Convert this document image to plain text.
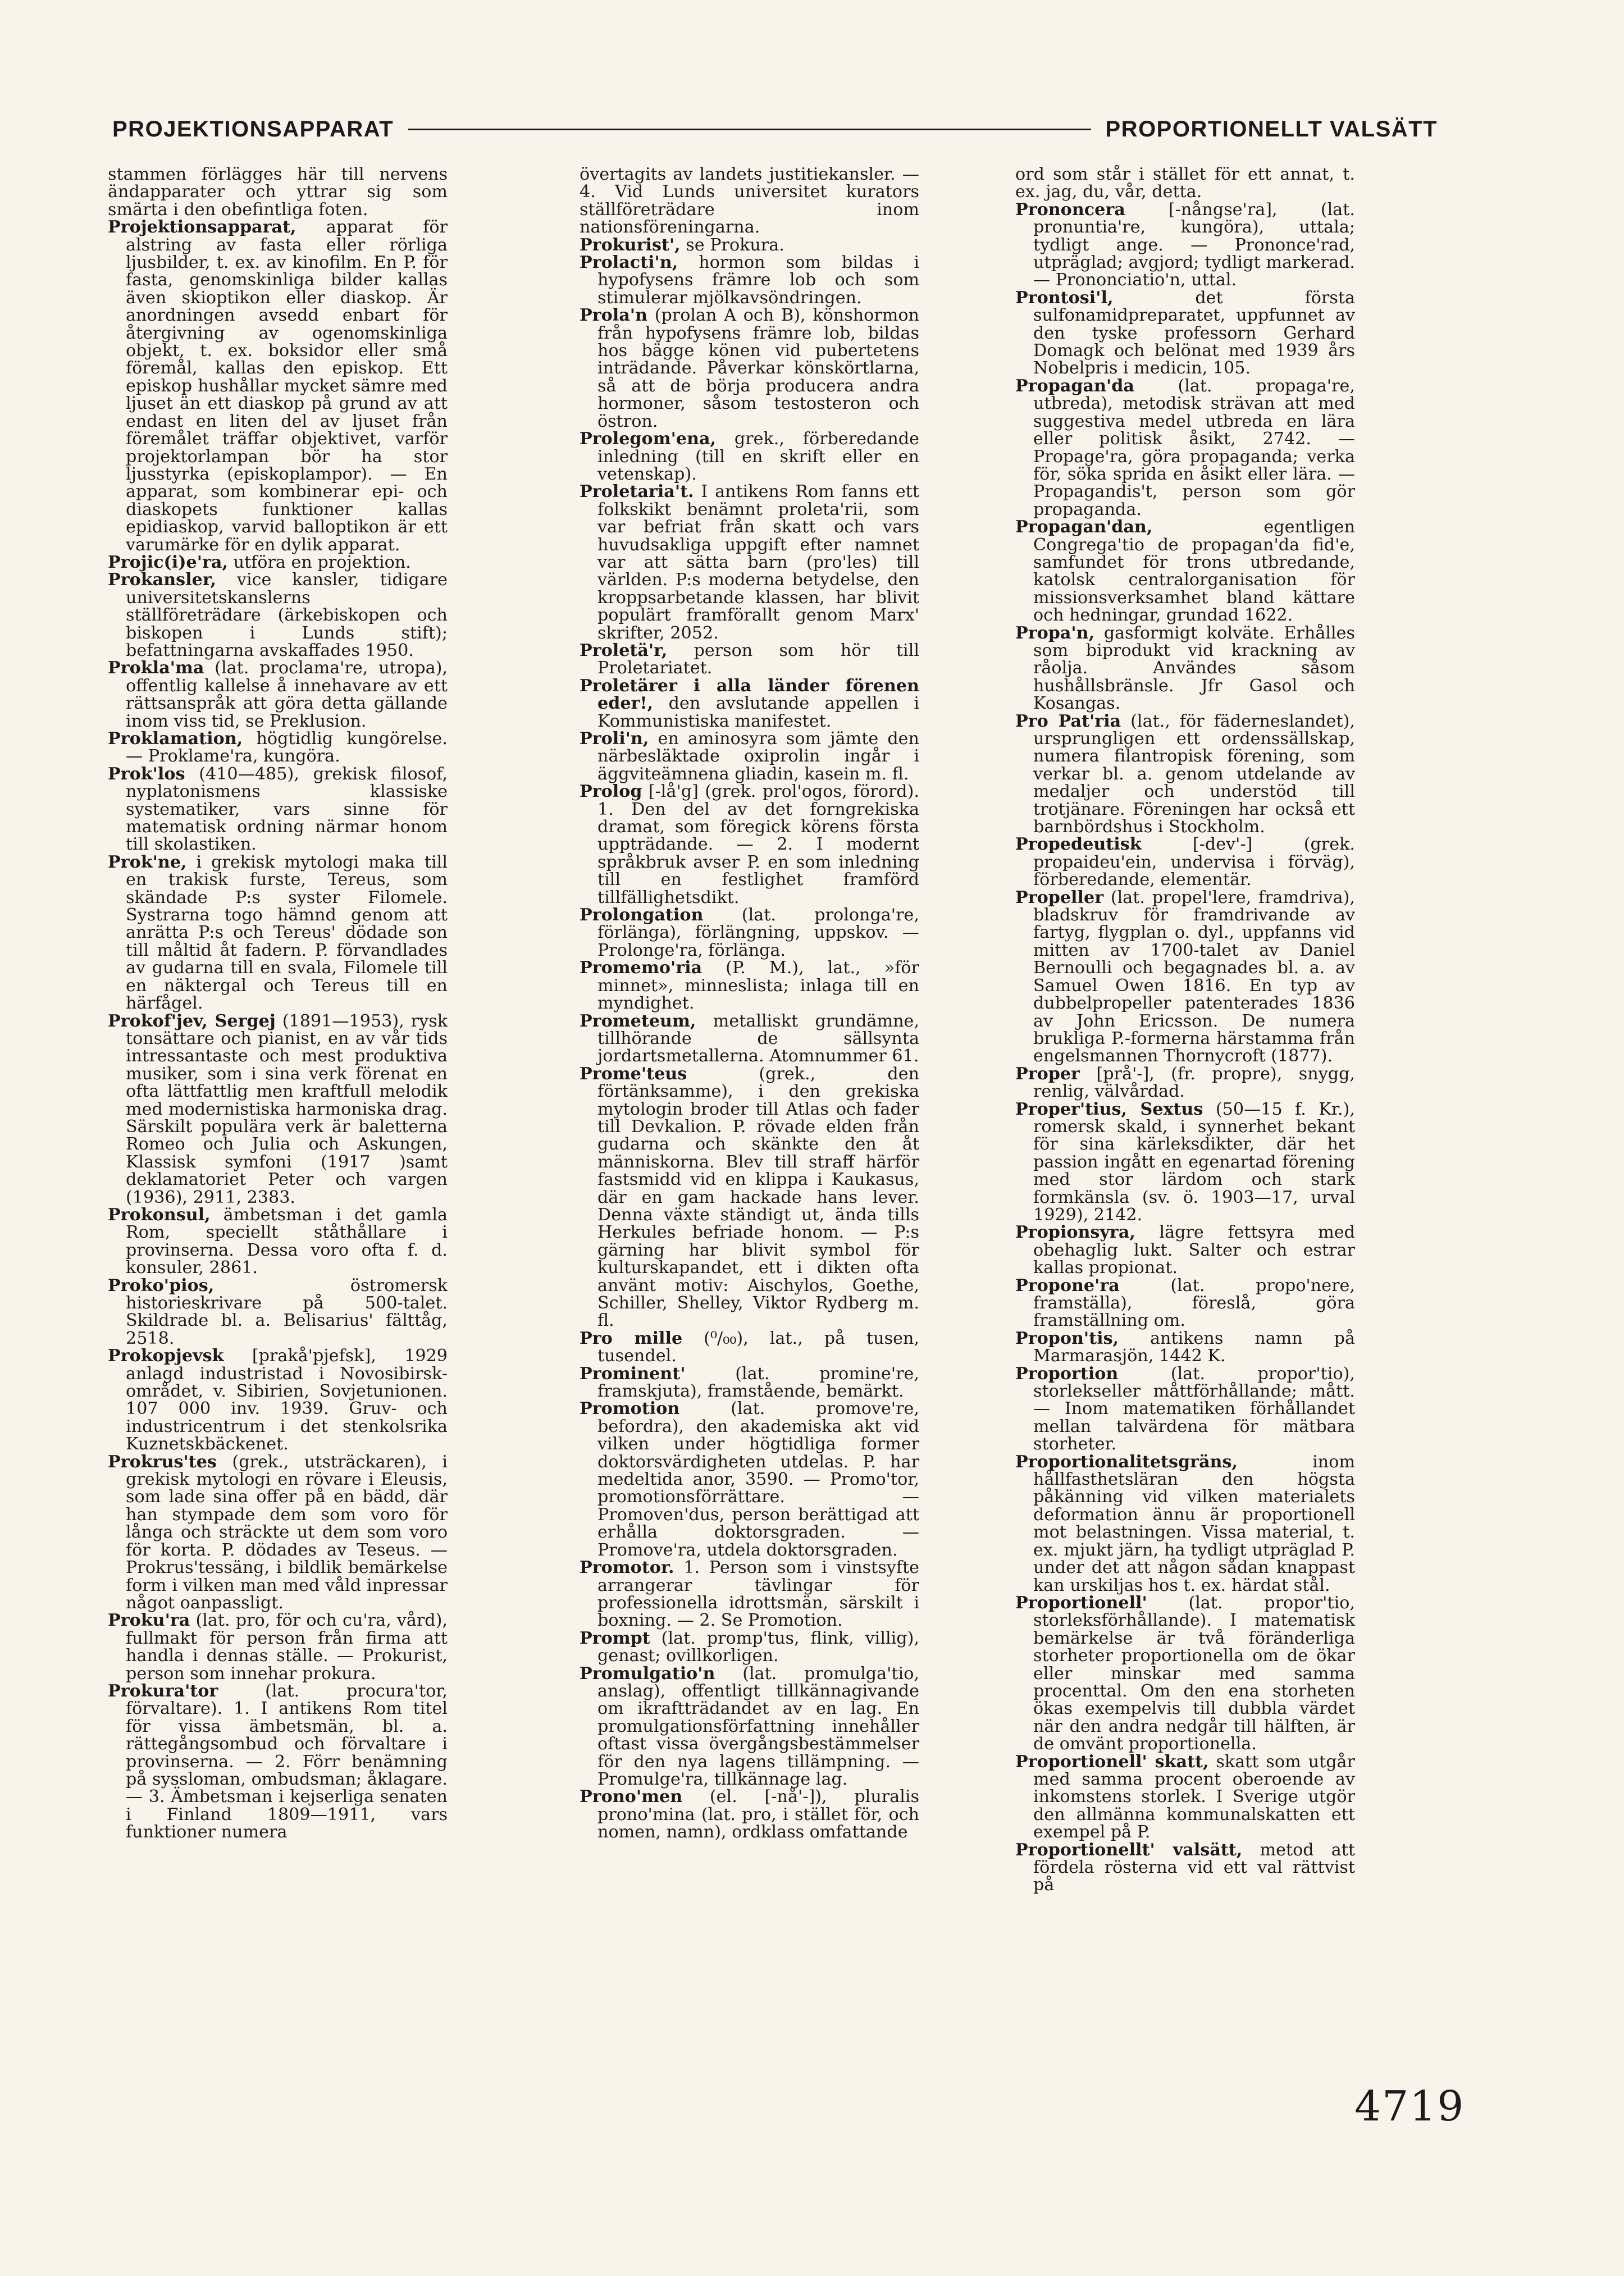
PROJEKTIONSAPPARAT	PROPORTIONELLT VALSÄTT

stammen förlägges här till nervens ändapparater och yttrar sig som smärta i den obefintliga foten.

Projektionsapparat, apparat för alstring av fasta eller rörliga ljusbilder, t. ex. av kinofilm. En P. för fasta, genomskinliga bilder kallas även skioptikon eller diaskop. Är anordningen avsedd enbart för återgivning av ogenomskinliga objekt, t. ex. boksidor eller små föremål, kallas den episkop. Ett episkop hushållar mycket sämre med ljuset än ett diaskop på grund av att endast en liten del av ljuset från föremålet träffar objektivet, varför projektorlampan bör ha stor ljusstyrka (episkoplampor). — En apparat, som kombinerar epi- och diaskopets funktioner kallas epidiaskop, varvid balloptikon är ett varumärke för en dylik apparat.

Projic(i)e'ra, utföra en projektion.

Prokansler, vice kansler, tidigare universitetskanslerns ställföreträdare (ärkebiskopen och biskopen i Lunds stift); befattningarna avskaffades 1950.

Prokla'ma (lat. proclama're, utropa), offentlig kallelse å innehavare av ett rättsanspråk att göra detta gällande inom viss tid, se Preklusion.

Proklamation, högtidlig kungörelse. — Proklame'ra, kungöra.

Prok'los (410—485), grekisk filosof, nyplatonismens klassiske systematiker, vars sinne för matematisk ordning närmar honom till skolastiken.

Prok'ne, i grekisk mytologi maka till en trakisk furste, Tereus, som skändade P:s syster Filomele. Systrarna togo hämnd genom att anrätta P:s och Tereus' dödade son till måltid åt fadern. P. förvandlades av gudarna till en svala, Filomele till en näktergal och Tereus till en härfågel.

Prokof'jev, Sergej (1891—1953), rysk tonsättare och pianist, en av vår tids intressantaste och mest produktiva musiker, som i sina verk förenat en ofta lättfattlig men kraftfull melodik med modernistiska harmoniska drag. Särskilt populära verk är baletterna Romeo och Julia och Askungen, Klassisk symfoni (1917 )samt deklamatoriet Peter och vargen (1936), 2911, 2383.

Prokonsul, ämbetsman i det gamla Rom, speciellt ståthållare i provinserna. Dessa voro ofta f. d. konsuler, 2861.

Proko'pios, östromersk historieskrivare på 500-talet. Skildrade bl. a. Belisarius' fälttåg, 2518.

Prokopjevsk [prakå'pjefsk], 1929 anlagd industristad i Novosibirsk-området, v. Sibirien, Sovjetunionen. 107 000 inv. 1939. Gruv- och industricentrum i det stenkolsrika Kuznetskbäckenet.

Prokrus'tes (grek., utsträckaren), i grekisk mytologi en rövare i Eleusis, som lade sina offer på en bädd, där han stympade dem som voro för långa och sträckte ut dem som voro för korta. P. dödades av Teseus. — Prokrus'tessäng, i bildlik bemärkelse form i vilken man med våld inpressar något oanpassligt.

Proku'ra (lat. pro, för och cu'ra, vård), fullmakt för person från firma att handla i dennas ställe. — Prokurist, person som innehar prokura.

Prokura'tor (lat. procura'tor, förvaltare). 1. I antikens Rom titel för vissa ämbetsmän, bl. a. rättegångsombud och förvaltare i provinserna. — 2. Förr benämning på syssloman, ombudsman; åklagare. — 3. Ämbetsman i kejserliga senaten i Finland 1809—1911, vars funktioner numera

övertagits av landets justitiekansler. — 4. Vid Lunds universitet kurators ställföreträdare inom nationsföreningarna.

Prokurist', se Prokura.

Prolacti'n, hormon som bildas i hypofysens främre lob och som stimulerar mjölkavsöndringen.

Prola'n (prolan A och B), könshormon från hypofysens främre lob, bildas hos bägge könen vid pubertetens inträdande. Påverkar könskörtlarna, så att de börja producera andra hormoner, såsom testosteron och östron.

Prolegom'ena, grek., förberedande inledning (till en skrift eller en vetenskap).

Proletaria't. I antikens Rom fanns ett folkskikt benämnt proleta'rii, som var befriat från skatt och vars huvudsakliga uppgift efter namnet var att sätta barn (pro'les) till världen. P:s moderna betydelse, den kroppsarbetande klassen, har blivit populärt framförallt genom Marx' skrifter, 2052.

Proletä'r, person som hör till Proletariatet.

Proletärer i alla länder förenen eder!, den avslutande appellen i Kommunistiska manifestet.

Proli'n, en aminosyra som jämte den närbesläktade oxiprolin ingår i äggviteämnena gliadin, kasein m. fl.

Prolog [-lå'g] (grek. prol'ogos, förord). 1. Den del av det forngrekiska dramat, som föregick körens första uppträdande. — 2. I modernt språkbruk avser P. en som inledning till en festlighet framförd tillfällighetsdikt.

Prolongation (lat. prolonga're, förlänga), förlängning, uppskov. — Prolonge'ra, förlänga.

Promemo'ria (P. M.), lat., »för minnet», minneslista; inlaga till en myndighet.

Prometeum, metalliskt grundämne, tillhörande de sällsynta jordartsmetallerna. Atomnummer 61.

Prome'teus (grek., den förtänksamme), i den grekiska mytologin broder till Atlas och fader till Devkalion. P. rövade elden från gudarna och skänkte den åt människorna. Blev till straff härför fastsmidd vid en klippa i Kaukasus, där en gam hackade hans lever. Denna växte ständigt ut, ända tills Herkules befriade honom. — P:s gärning har blivit symbol för kulturskapandet, ett i dikten ofta använt motiv: Aischylos, Goethe, Schiller, Shelley, Viktor Rydberg m. fl.

Pro mille (⁰/₀₀), lat., på tusen, tusendel.

Prominent' (lat. promine're, framskjuta), framstående, bemärkt.

Promotion (lat. promove're, befordra), den akademiska akt vid vilken under högtidliga former doktorsvärdigheten utdelas. P. har medeltida anor, 3590. — Promo'tor, promotionsförrättare. — Promoven'dus, person berättigad att erhålla doktorsgraden. — Promove'ra, utdela doktorsgraden.

Promotor. 1. Person som i vinstsyfte arrangerar tävlingar för professionella idrottsmän, särskilt i boxning. — 2. Se Promotion.

Prompt (lat. promp'tus, flink, villig), genast; ovillkorligen.

Promulgatio'n (lat. promulga'tio, anslag), offentligt tillkännagivande om ikraftträdandet av en lag. En promulgationsförfattning innehåller oftast vissa övergångsbestämmelser för den nya lagens tillämpning. — Promulge'ra, tillkännage lag.

Prono'men (el. [-nå'-]), pluralis prono'mina (lat. pro, i stället för, och nomen, namn), ordklass omfattande

ord som står i stället för ett annat, t. ex. jag, du, vår, detta.

Prononcera [-nångse'ra], (lat. pronuntia're, kungöra), uttala; tydligt ange. — Prononce'rad, utpräglad; avgjord; tydligt markerad. — Prononciatio'n, uttal.

Prontosi'l, det första sulfonamidpreparatet, uppfunnet av den tyske professorn Gerhard Domagk och belönat med 1939 års Nobelpris i medicin, 105.

Propagan'da (lat. propaga're, utbreda), metodisk strävan att med suggestiva medel utbreda en lära eller politisk åsikt, 2742. — Propage'ra, göra propaganda; verka för, söka sprida en åsikt eller lära. — Propagandis't, person som gör propaganda.

Propagan'dan, egentligen Congrega'tio de propagan'da fid'e, samfundet för trons utbredande, katolsk centralorganisation för missionsverksamhet bland kättare och hedningar, grundad 1622.

Propa'n, gasformigt kolväte. Erhålles som biprodukt vid krackning av råolja. Användes såsom hushållsbränsle. Jfr Gasol och Kosangas.

Pro Pat'ria (lat., för fäderneslandet), ursprungligen ett ordenssällskap, numera filantropisk förening, som verkar bl. a. genom utdelande av medaljer och understöd till trotjänare. Föreningen har också ett barnbördshus i Stockholm.

Propedeutisk [-dev'-] (grek. propaideu'ein, undervisa i förväg), förberedande, elementär.

Propeller (lat. propel'lere, framdriva), bladskruv för framdrivande av fartyg, flygplan o. dyl., uppfanns vid mitten av 1700-talet av Daniel Bernoulli och begagnades bl. a. av Samuel Owen 1816. En typ av dubbelpropeller patenterades 1836 av John Ericsson. De numera brukliga P.-formerna härstamma från engelsmannen Thornycroft (1877).

Proper [prå'-], (fr. propre), snygg, renlig, välvårdad.

Proper'tius, Sextus (50—15 f. Kr.), romersk skald, i synnerhet bekant för sina kärleksdikter, där het passion ingått en egenartad förening med stor lärdom och stark formkänsla (sv. ö. 1903—17, urval 1929), 2142.

Propionsyra, lägre fettsyra med obehaglig lukt. Salter och estrar kallas propionat.

Propone'ra (lat. propo'nere, framställa), föreslå, göra framställning om.

Propon'tis, antikens namn på Marmarasjön, 1442 K.

Proportion (lat. propor'tio), storlekseller måttförhållande; mått. — Inom matematiken förhållandet mellan talvärdena för mätbara storheter.

Proportionalitetsgräns, inom hållfasthetsläran den högsta påkänning vid vilken materialets deformation ännu är proportionell mot belastningen. Vissa material, t. ex. mjukt järn, ha tydligt utpräglad P. under det att någon sådan knappast kan urskiljas hos t. ex. härdat stål.

Proportionell' (lat. propor'tio, storleksförhållande). I matematisk bemärkelse är två föränderliga storheter proportionella om de ökar eller minskar med samma procenttal. Om den ena storheten ökas exempelvis till dubbla värdet när den andra nedgår till hälften, är de omvänt proportionella.

Proportionell' skatt, skatt som utgår med samma procent oberoende av inkomstens storlek. I Sverige utgör den allmänna kommunalskatten ett exempel på P.

Proportionellt' valsätt, metod att fördela rösterna vid ett val rättvist på

4719
